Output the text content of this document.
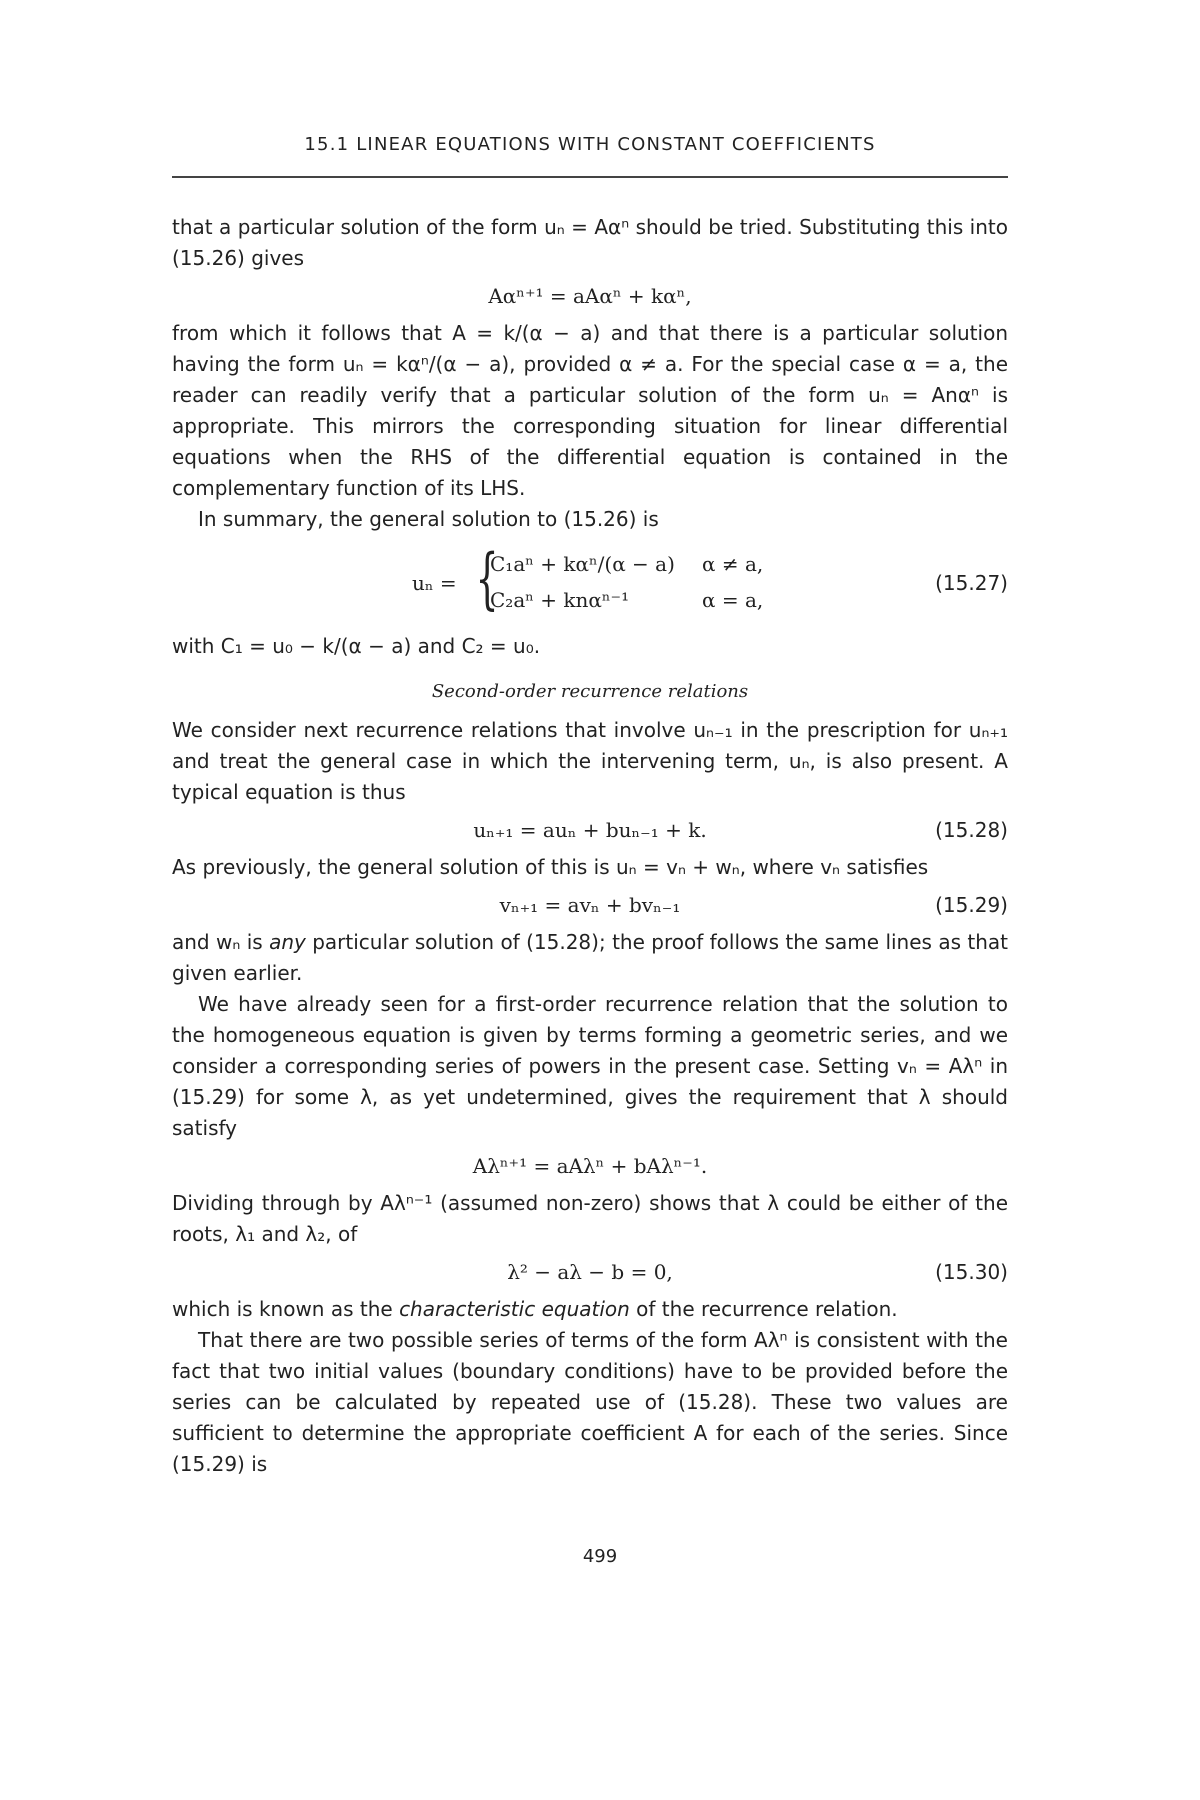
15.1 LINEAR EQUATIONS WITH CONSTANT COEFFICIENTS

that a particular solution of the form uₙ = Aαⁿ should be tried. Substituting this into (15.26) gives

Aαⁿ⁺¹ = aAαⁿ + kαⁿ,

from which it follows that A = k/(α − a) and that there is a particular solution having the form uₙ = kαⁿ/(α − a), provided α ≠ a. For the special case α = a, the reader can readily verify that a particular solution of the form uₙ = Anαⁿ is appropriate. This mirrors the corresponding situation for linear differential equations when the RHS of the differential equation is contained in the complementary function of its LHS.

In summary, the general solution to (15.26) is

uₙ = {
C₁aⁿ + kαⁿ/(α − a) α ≠ a,
C₂aⁿ + knαⁿ⁻¹	α = a,
(15.27)

with C₁ = u₀ − k/(α − a) and C₂ = u₀.

Second-order recurrence relations

We consider next recurrence relations that involve uₙ₋₁ in the prescription for uₙ₊₁ and treat the general case in which the intervening term, uₙ, is also present. A typical equation is thus

uₙ₊₁ = auₙ + buₙ₋₁ + k.	(15.28)

As previously, the general solution of this is uₙ = vₙ + wₙ, where vₙ satisfies

vₙ₊₁ = avₙ + bvₙ₋₁	(15.29)

and wₙ is any particular solution of (15.28); the proof follows the same lines as that given earlier.

We have already seen for a first-order recurrence relation that the solution to the homogeneous equation is given by terms forming a geometric series, and we consider a corresponding series of powers in the present case. Setting vₙ = Aλⁿ in (15.29) for some λ, as yet undetermined, gives the requirement that λ should satisfy

Aλⁿ⁺¹ = aAλⁿ + bAλⁿ⁻¹.

Dividing through by Aλⁿ⁻¹ (assumed non-zero) shows that λ could be either of the roots, λ₁ and λ₂, of

λ² − aλ − b = 0,	(15.30)

which is known as the characteristic equation of the recurrence relation.

That there are two possible series of terms of the form Aλⁿ is consistent with the fact that two initial values (boundary conditions) have to be provided before the series can be calculated by repeated use of (15.28). These two values are sufficient to determine the appropriate coefficient A for each of the series. Since (15.29) is

499
